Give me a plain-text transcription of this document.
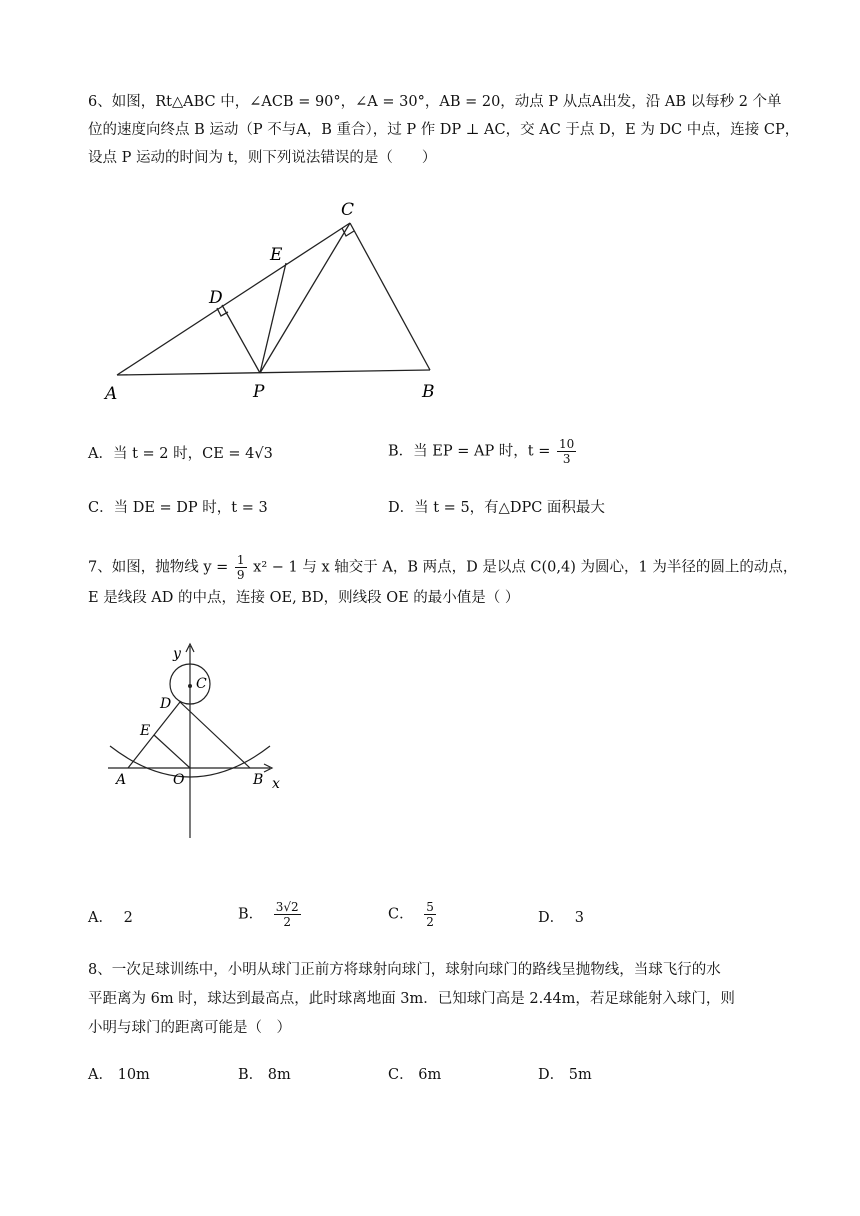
6、如图，Rt△ABC 中，∠ACB = 90°，∠A = 30°，AB = 20，动点 P 从点A出发，沿 AB 以每秒 2 个单
位的速度向终点 B 运动（P 不与A，B 重合），过 P 作 DP ⊥ AC，交 AC 于点 D，E 为 DC 中点，连接 CP，
设点 P 运动的时间为 t，则下列说法错误的是（　　）
C
E
D
A	P	B
A．当 t = 2 时，CE = 4√3	B．当 EP = AP 时，$t = \frac{10}{3}$
C．当 DE = DP 时，t = 3	D．当 t = 5，有△DPC 面积最大
7、如图，抛物线 $y = \frac{1}{9} x^2 - 1$ 与 x 轴交于 A，B 两点，D 是以点 C(0,4) 为圆心，1 为半径的圆上的动点，
E 是线段 AD 的中点，连接 OE, BD，则线段 OE 的最小值是（ ）
y
C
D
E
A	O	B x
A． 2	B． $\frac{3√2}{2}$	C． $\frac{5}{2}$	D． 3
8、一次足球训练中，小明从球门正前方将球射向球门，球射向球门的路线呈抛物线，当球飞行的水
平距离为 6m 时，球达到最高点，此时球离地面 3m．已知球门高是 2.44m，若足球能射入球门，则
小明与球门的距离可能是（　）
A． 10m	B． 8m	C． 6m	D． 5m
